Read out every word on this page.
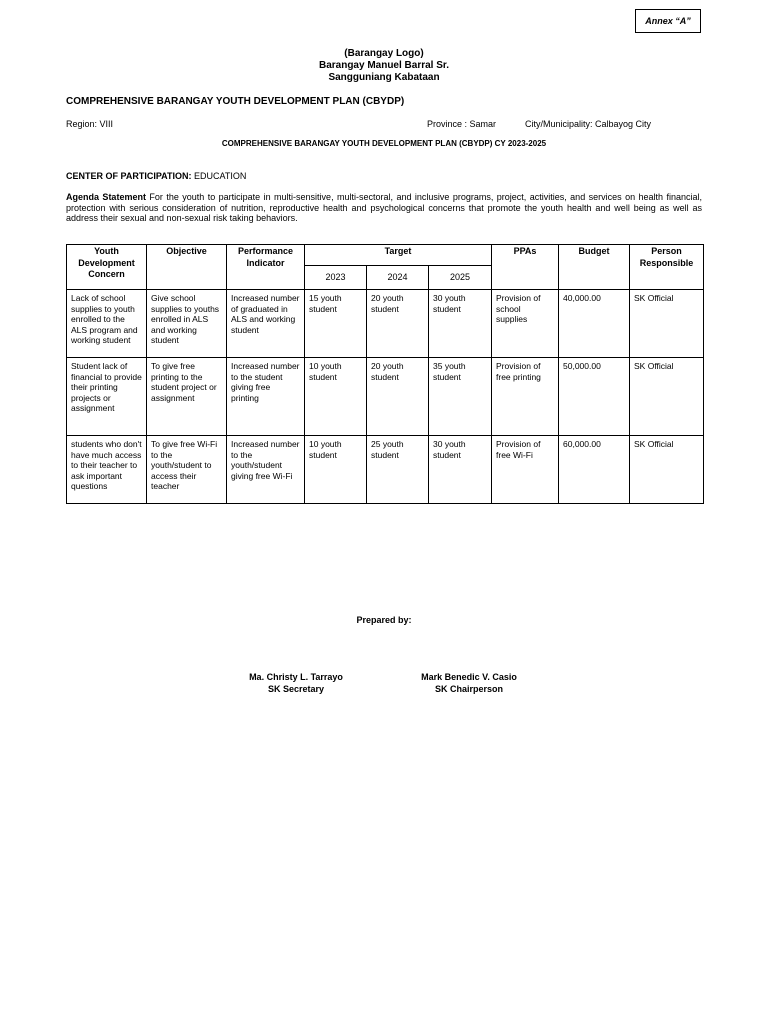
Annex “A”
(Barangay Logo)
Barangay Manuel Barral Sr.
Sangguniang Kabataan
COMPREHENSIVE BARANGAY YOUTH DEVELOPMENT PLAN (CBYDP)
Region: VIII	Province : Samar	City/Municipality: Calbayog City
COMPREHENSIVE BARANGAY YOUTH DEVELOPMENT PLAN (CBYDP) CY 2023-2025
CENTER OF PARTICIPATION: EDUCATION
Agenda Statement For the youth to participate in multi-sensitive, multi-sectoral, and inclusive programs, project, activities, and services on health financial, protection with serious consideration of nutrition, reproductive health and psychological concerns that promote the youth health and well being as well as address their sexual and non-sexual risk taking behaviors.
Youth Development Concern	Objective	Performance Indicator	Target			PPAs	Budget	Person Responsible
			2023	2024	2025			
Lack of school supplies to youth enrolled to the ALS program and working student	Give school supplies to youths enrolled in ALS and working student	Increased number of graduated in ALS and working student	15 youth student	20 youth student	30 youth student	Provision of school supplies	40,000.00	SK Official
Student lack of financial to provide their printing projects or assignment	To give free printing to the student project or assignment	Increased number to the student giving free printing	10 youth student	20 youth student	35 youth student	Provision of free printing	50,000.00	SK Official
students who don't have much access to their teacher to ask important questions	To give free Wi-Fi to the youth/student to access their teacher	Increased number to the youth/student giving free Wi-Fi	10 youth student	25 youth student	30 youth student	Provision of free Wi-Fi	60,000.00	SK Official
Prepared by:
Ma. Christy L. Tarrayo
SK Secretary
Mark Benedic V. Casio
SK Chairperson
